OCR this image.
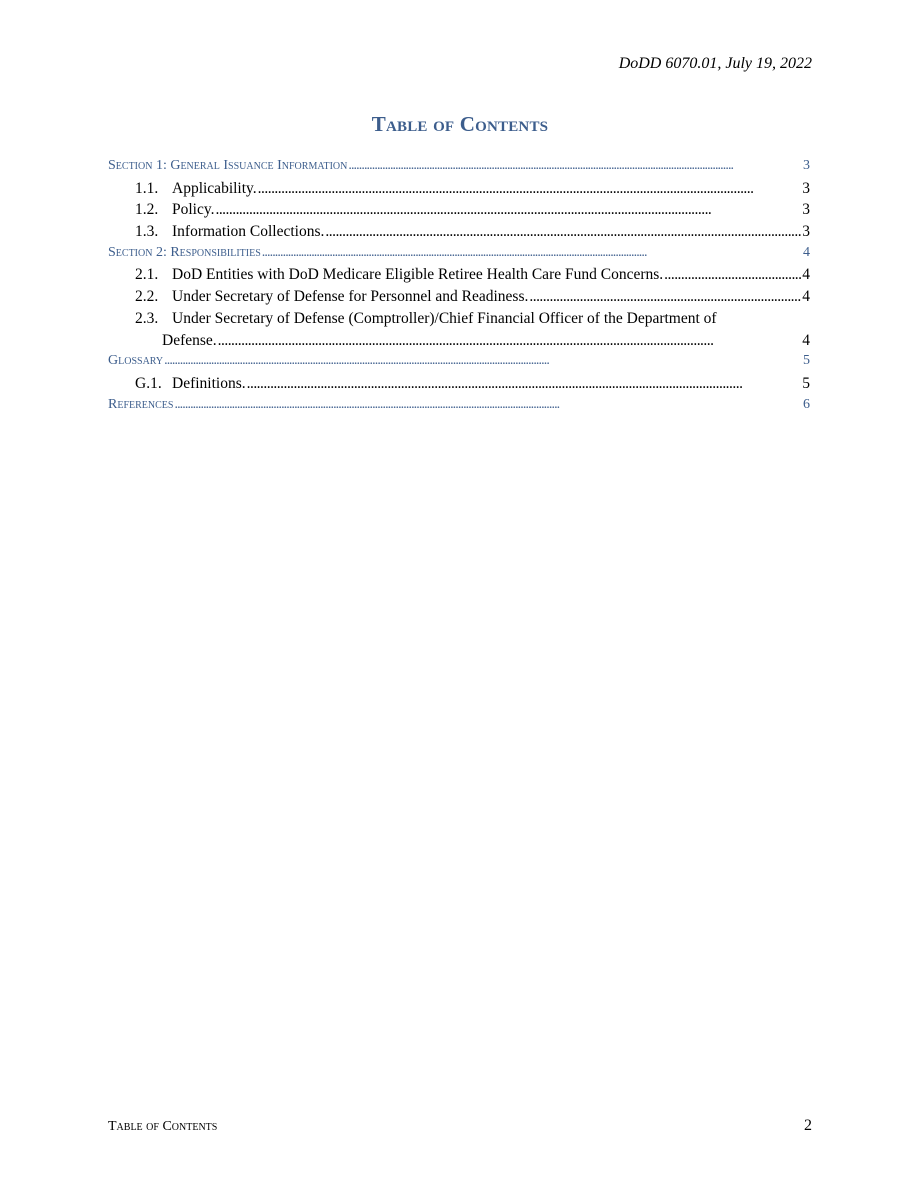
DoDD 6070.01, July 19, 2022
Table of Contents
Section 1: General Issuance Information . . .	3
1.1. Applicability. . . .	3
1.2. Policy. . . .	3
1.3. Information Collections. . . .	3
Section 2: Responsibilities . . .	4
2.1. DoD Entities with DoD Medicare Eligible Retiree Health Care Fund Concerns. . . .	4
2.2. Under Secretary of Defense for Personnel and Readiness. . . .	4
2.3. Under Secretary of Defense (Comptroller)/Chief Financial Officer of the Department of
Defense. . . .	4
Glossary . . .	5
G.1. Definitions. . . .	5
References . . .	6
Table of Contents	2
